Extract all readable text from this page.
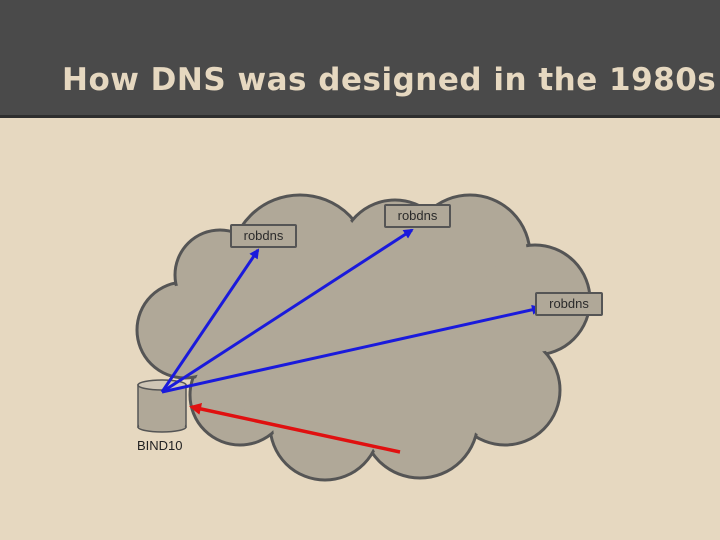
How DNS was designed in the 1980s
robdns
robdns
robdns
BIND10
